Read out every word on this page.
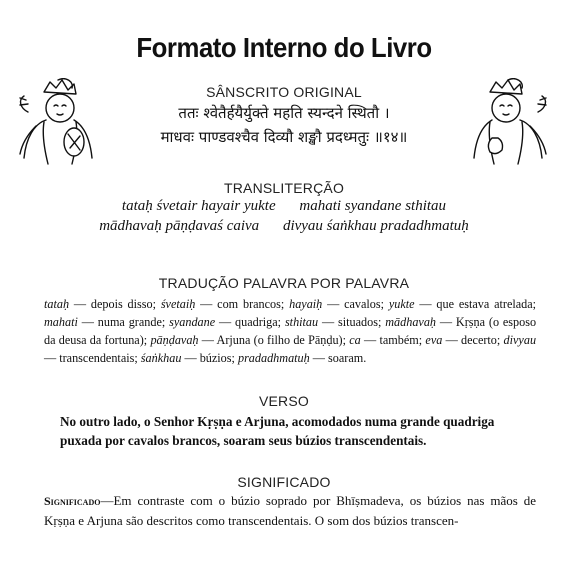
Formato Interno do Livro
SÂNSCRITO ORIGINAL
ततः श्वेतैर्हयैर्युक्ते महति स्यन्दने स्थितौ ।
माधवः पाण्डवश्चैव दिव्यौ शङ्खौ प्रदध्मतुः ॥१४॥
TRANSLITERÇÃO
tataḥ śvetair hayair yukte mahati syandane sthitau
mādhavaḥ pāṇḍavaś caiva divyau śaṅkhau pradadhmatuḥ
TRADUÇÃO PALAVRA POR PALAVRA
tataḥ — depois disso; śvetaiḥ — com brancos; hayaiḥ — cavalos; yukte — que estava atrelada; mahati — numa grande; syandane — quadriga; sthitau — situados; mādhavaḥ — Kṛṣṇa (o esposo da deusa da fortuna); pāṇḍavaḥ — Arjuna (o filho de Pāṇḍu); ca — também; eva — decerto; divyau — transcendentais; śaṅkhau — búzios; pradadhmatuḥ — soaram.
VERSO
No outro lado, o Senhor Kṛṣṇa e Arjuna, acomodados numa grande quadriga puxada por cavalos brancos, soaram seus búzios transcendentais.
SIGNIFICADO
Significado—Em contraste com o búzio soprado por Bhīṣmadeva, os búzios nas mãos de Kṛṣṇa e Arjuna são descritos como transcendentais. O som dos búzios transcen-
